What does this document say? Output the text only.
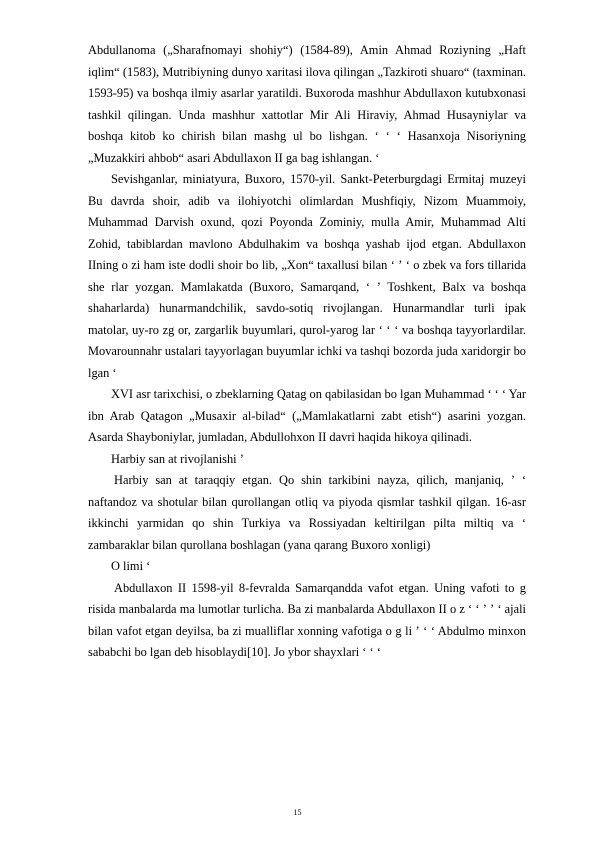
Abdullanoma („Sharafnomayi shohiy“) (1584-89), Amin Ahmad Roziyning „Haft iqlim“ (1583), Mutribiyning dunyo xaritasi ilova qilingan „Tazkiroti shuaro“ (taxminan. 1593-95) va boshqa ilmiy asarlar yaratildi. Buxoroda mashhur Abdullaxon kutubxonasi tashkil qilingan. Unda mashhur xattotlar Mir Ali Hiraviy, Ahmad Husayniylar va boshqa kitob ko chirish bilan mashg ul bo lishgan. ʻ ʻ ʻ Hasanxoja Nisoriyning „Muzakkiri ahbob“ asari Abdullaxon II ga bag ishlangan. ʻ

Sevishganlar, miniatyura, Buxoro, 1570-yil. Sankt-Peterburgdagi Ermitaj muzeyi Bu davrda shoir, adib va ilohiyotchi olimlardan Mushfiqiy, Nizom Muammoiy, Muhammad Darvish oxund, qozi Poyonda Zominiy, mulla Amir, Muhammad Alti Zohid, tabiblardan mavlono Abdulhakim va boshqa yashab ijod etgan. Abdullaxon IIning o zi ham iste dodli shoir bo lib, „Xon“ taxallusi bilan ʻ ʼ ʻ o zbek va fors tillarida she rlar yozgan. Mamlakatda (Buxoro, Samarqand, ʻ ʼ Toshkent, Balx va boshqa shaharlarda) hunarmandchilik, savdo-sotiq rivojlangan. Hunarmandlar turli ipak matolar, uy-ro zg or, zargarlik buyumlari, qurol-yarog lar ʻ ʻ ʻ va boshqa tayyorlardilar. Movarounnahr ustalari tayyorlagan buyumlar ichki va tashqi bozorda juda xaridorgir bo lgan ʻ

XVI asr tarixchisi, o zbeklarning Qatag on qabilasidan bo lgan Muhammad ʻ ʻ ʻ Yar ibn Arab Qatagon „Musaxir al-bilad“ („Mamlakatlarni zabt etish“) asarini yozgan. Asarda Shayboniylar, jumladan, Abdullohxon II davri haqida hikoya qilinadi.

Harbiy san at rivojlanishi ʼ

Harbiy san at taraqqiy etgan. Qo shin tarkibini nayza, qilich, manjaniq, ʼ ʻ naftandoz va shotular bilan qurollangan otliq va piyoda qismlar tashkil qilgan. 16-asr ikkinchi yarmidan qo shin Turkiya va Rossiyadan keltirilgan pilta miltiq va ʻ zambaraklar bilan qurollana boshlagan (yana qarang Buxoro xonligi)

O limi ʻ

Abdullaxon II 1598-yil 8-fevralda Samarqandda vafot etgan. Uning vafoti to g risida manbalarda ma lumotlar turlicha. Ba zi manbalarda Abdullaxon II o z ʻ ʻ ʼ ʼ ʻ ajali bilan vafot etgan deyilsa, ba zi mualliflar xonning vafotiga o g li ʼ ʻ ʻ Abdulmo minxon sababchi bo lgan deb hisoblaydi[10]. Jo ybor shayxlari ʻ ʻ ʻ

15
